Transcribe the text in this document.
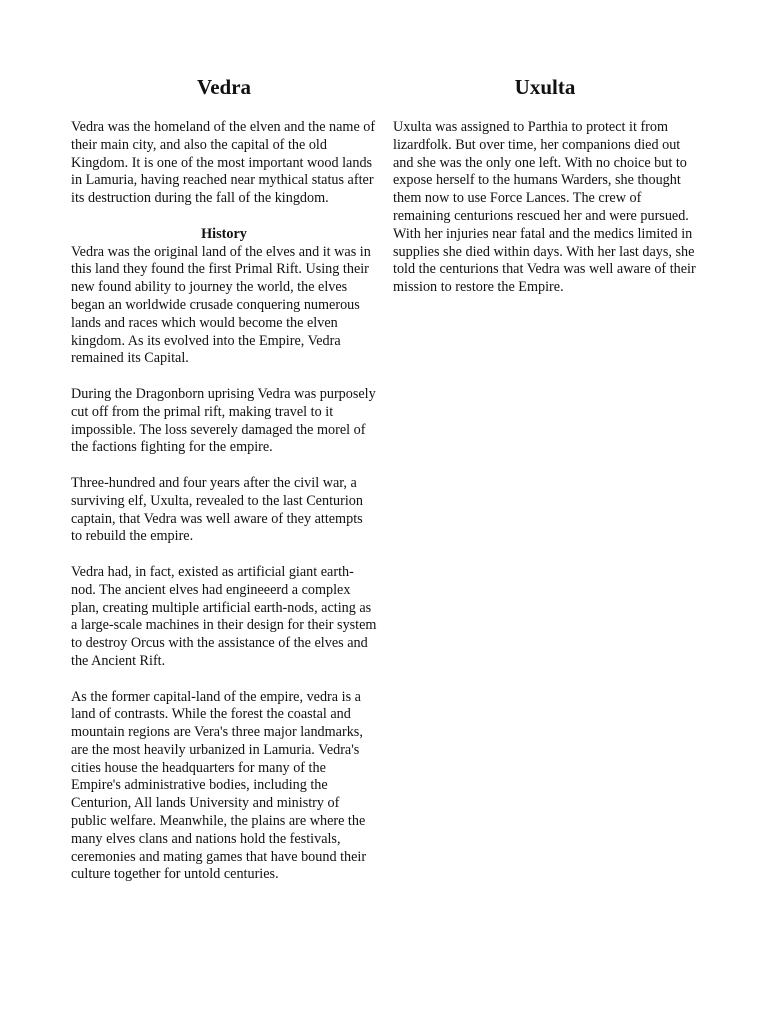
Vedra

Vedra was the homeland of the elven and the name of their main city, and also the capital of the old Kingdom. It is one of the most important wood lands in Lamuria, having reached near mythical status after its destruction during the fall of the kingdom.

History

Vedra was the original land of the elves and it was in this land they found the first Primal Rift. Using their new found ability to journey the world, the elves began an worldwide crusade conquering numerous lands and races which would become the elven kingdom. As its evolved into the Empire, Vedra remained its Capital.

During the Dragonborn uprising Vedra was purposely cut off from the primal rift, making travel to it impossible. The loss severely damaged the morel of the factions fighting for the empire.

Three-hundred and four years after the civil war, a surviving elf, Uxulta, revealed to the last Centurion captain, that Vedra was well aware of they attempts to rebuild the empire.

Vedra had, in fact, existed as artificial giant earth-nod. The ancient elves had engineeerd a complex plan, creating multiple artificial earth-nods, acting as a large-scale machines in their design for their system to destroy Orcus with the assistance of the elves and the Ancient Rift.

As the former capital-land of the empire, vedra is a land of contrasts. While the forest the coastal and mountain regions are Vera's three major landmarks, are the most heavily urbanized in Lamuria. Vedra's cities house the headquarters for many of the Empire's administrative bodies, including the Centurion, All lands University and ministry of public welfare. Meanwhile, the plains are where the many elves clans and nations hold the festivals, ceremonies and mating games that have bound their culture together for untold centuries.

Uxulta

Uxulta was assigned to Parthia to protect it from lizardfolk. But over time, her companions died out and she was the only one left. With no choice but to expose herself to the humans Warders, she thought them now to use Force Lances. The crew of remaining centurions rescued her and were pursued. With her injuries near fatal and the medics limited in supplies she died within days. With her last days, she told the centurions that Vedra was well aware of their mission to restore the Empire.
